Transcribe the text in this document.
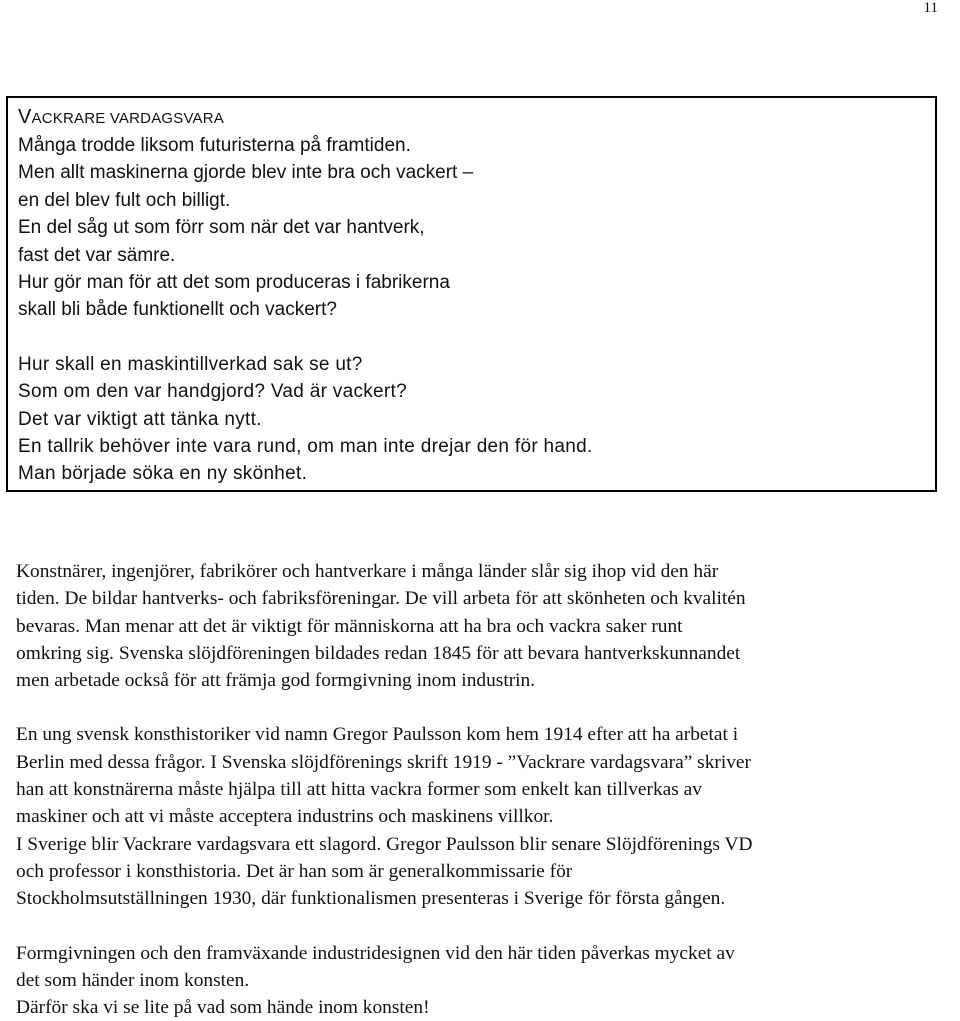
11
VACKRARE VARDAGSVARA

Många trodde liksom futuristerna på framtiden.

Men allt maskinerna gjorde blev inte bra och vackert –

en del blev fult och billigt.

En del såg ut som förr som när det var hantverk,

fast det var sämre.

Hur gör man för att det som produceras i fabrikerna

skall bli både funktionellt och vackert?

Hur skall en maskintillverkad sak se ut?

Som om den var handgjord? Vad är vackert?

Det var viktigt att tänka nytt.

En tallrik behöver inte vara rund, om man inte drejar den för hand.

Man började söka en ny skönhet.

Konstnärer, ingenjörer, fabrikörer och hantverkare i många länder slår sig ihop vid den här

tiden. De bildar hantverks- och fabriksföreningar. De vill arbeta för att skönheten och kvalitén

bevaras. Man menar att det är viktigt för människorna att ha bra och vackra saker runt

omkring sig. Svenska slöjdföreningen bildades redan 1845 för att bevara hantverkskunnandet

men arbetade också för att främja god formgivning inom industrin.

En ung svensk konsthistoriker vid namn Gregor Paulsson kom hem 1914 efter att ha arbetat i

Berlin med dessa frågor. I Svenska slöjdförenings skrift 1919 - ”Vackrare vardagsvara” skriver

han att konstnärerna måste hjälpa till att hitta vackra former som enkelt kan tillverkas av

maskiner och att vi måste acceptera industrins och maskinens villkor.

I Sverige blir Vackrare vardagsvara ett slagord. Gregor Paulsson blir senare Slöjdförenings VD

och professor i konsthistoria. Det är han som är generalkommissarie för

Stockholmsutställningen 1930, där funktionalismen presenteras i Sverige för första gången.

Formgivningen och den framväxande industridesignen vid den här tiden påverkas mycket av

det som händer inom konsten.

Därför ska vi se lite på vad som hände inom konsten!
